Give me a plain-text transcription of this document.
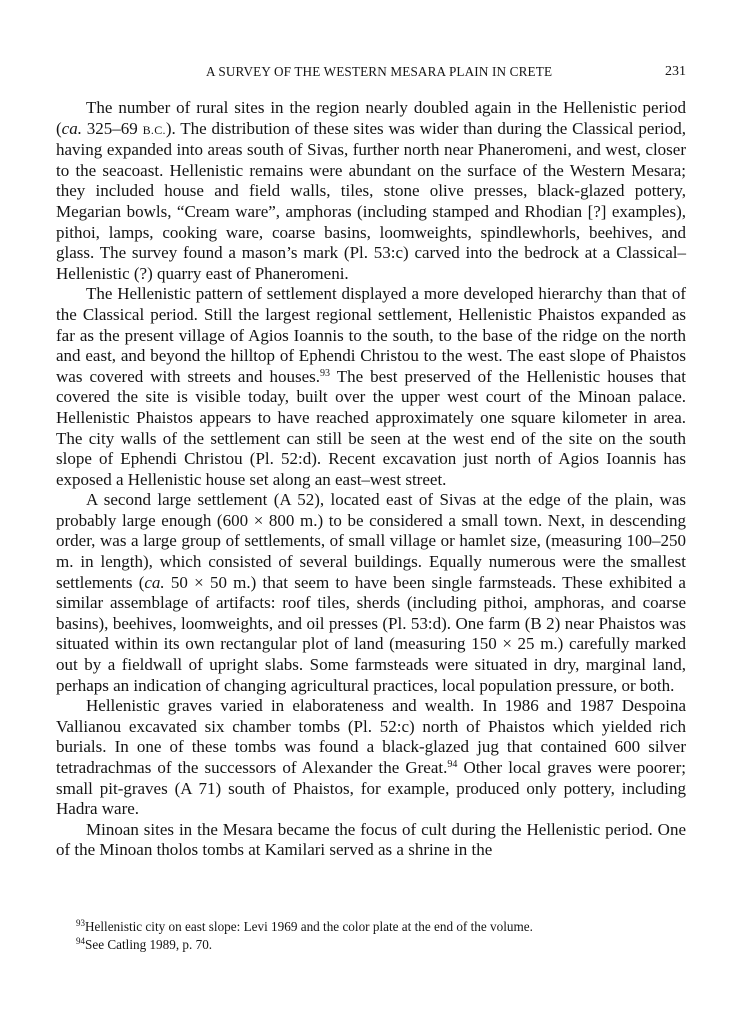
A SURVEY OF THE WESTERN MESARA PLAIN IN CRETE	231

The number of rural sites in the region nearly doubled again in the Hellenistic period (ca. 325–69 B.C.). The distribution of these sites was wider than during the Classical period, having expanded into areas south of Sivas, further north near Phaneromeni, and west, closer to the seacoast. Hellenistic remains were abundant on the surface of the Western Mesara; they included house and field walls, tiles, stone olive presses, black-glazed pottery, Megarian bowls, “Cream ware”, amphoras (including stamped and Rhodian [?] examples), pithoi, lamps, cooking ware, coarse basins, loomweights, spindlewhorls, beehives, and glass. The survey found a mason’s mark (Pl. 53:c) carved into the bedrock at a Classical–Hellenistic (?) quarry east of Phaneromeni.

The Hellenistic pattern of settlement displayed a more developed hierarchy than that of the Classical period. Still the largest regional settlement, Hellenistic Phaistos expanded as far as the present village of Agios Ioannis to the south, to the base of the ridge on the north and east, and beyond the hilltop of Ephendi Christou to the west. The east slope of Phaistos was covered with streets and houses.$^{93}$ The best preserved of the Hellenistic houses that covered the site is visible today, built over the upper west court of the Minoan palace. Hellenistic Phaistos appears to have reached approximately one square kilometer in area. The city walls of the settlement can still be seen at the west end of the site on the south slope of Ephendi Christou (Pl. 52:d). Recent excavation just north of Agios Ioannis has exposed a Hellenistic house set along an east–west street.

A second large settlement (A 52), located east of Sivas at the edge of the plain, was probably large enough (600 × 800 m.) to be considered a small town. Next, in descending order, was a large group of settlements, of small village or hamlet size, (measuring 100–250 m. in length), which consisted of several buildings. Equally numerous were the smallest settlements (ca. 50 × 50 m.) that seem to have been single farmsteads. These exhibited a similar assemblage of artifacts: roof tiles, sherds (including pithoi, amphoras, and coarse basins), beehives, loomweights, and oil presses (Pl. 53:d). One farm (B 2) near Phaistos was situated within its own rectangular plot of land (measuring 150 × 25 m.) carefully marked out by a fieldwall of upright slabs. Some farmsteads were situated in dry, marginal land, perhaps an indication of changing agricultural practices, local population pressure, or both.

Hellenistic graves varied in elaborateness and wealth. In 1986 and 1987 Despoina Vallianou excavated six chamber tombs (Pl. 52:c) north of Phaistos which yielded rich burials. In one of these tombs was found a black-glazed jug that contained 600 silver tetradrachmas of the successors of Alexander the Great.$^{94}$ Other local graves were poorer; small pit-graves (A 71) south of Phaistos, for example, produced only pottery, including Hadra ware.

Minoan sites in the Mesara became the focus of cult during the Hellenistic period. One of the Minoan tholos tombs at Kamilari served as a shrine in the

$^{93}$Hellenistic city on east slope: Levi 1969 and the color plate at the end of the volume.
$^{94}$See Catling 1989, p. 70.
